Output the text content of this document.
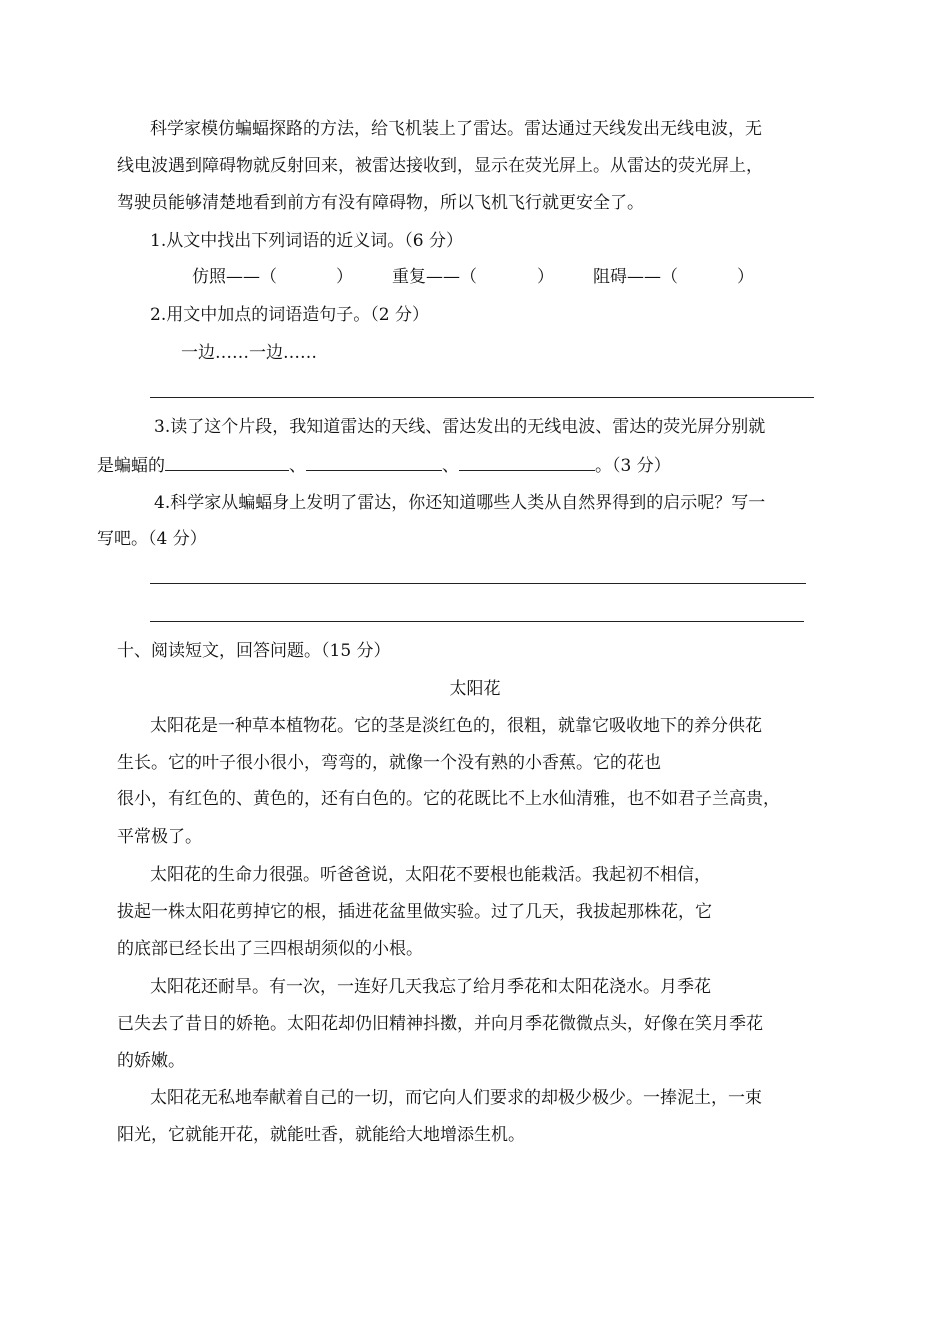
科学家模仿蝙蝠探路的方法，给飞机装上了雷达。雷达通过天线发出无线电波，无
线电波遇到障碍物就反射回来，被雷达接收到，显示在荧光屏上。从雷达的荧光屏上，
驾驶员能够清楚地看到前方有没有障碍物，所以飞机飞行就更安全了。
1.从文中找出下列词语的近义词。（6 分）
仿照——（	） 重复——（	） 阻碍——（	）
2.用文中加点的词语造句子。（2 分）
一边……一边……
3.读了这个片段，我知道雷达的天线、雷达发出的无线电波、雷达的荧光屏分别就
是蝙蝠的	、	、	。（3 分）
4.科学家从蝙蝠身上发明了雷达，你还知道哪些人类从自然界得到的启示呢？写一
写吧。（4 分）
十、阅读短文，回答问题。（15 分）
太阳花
太阳花是一种草本植物花。它的茎是淡红色的，很粗，就靠它吸收地下的养分供花
生长。它的叶子很小很小，弯弯的，就像一个没有熟的小香蕉。它的花也
很小，有红色的、黄色的，还有白色的。它的花既比不上水仙清雅，也不如君子兰高贵，
平常极了。
太阳花的生命力很强。听爸爸说，太阳花不要根也能栽活。我起初不相信，
拔起一株太阳花剪掉它的根，插进花盆里做实验。过了几天，我拔起那株花，它
的底部已经长出了三四根胡须似的小根。
太阳花还耐旱。有一次，一连好几天我忘了给月季花和太阳花浇水。月季花
已失去了昔日的娇艳。太阳花却仍旧精神抖擞，并向月季花微微点头，好像在笑月季花
的娇嫩。
太阳花无私地奉献着自己的一切，而它向人们要求的却极少极少。一捧泥土，一束
阳光，它就能开花，就能吐香，就能给大地增添生机。
